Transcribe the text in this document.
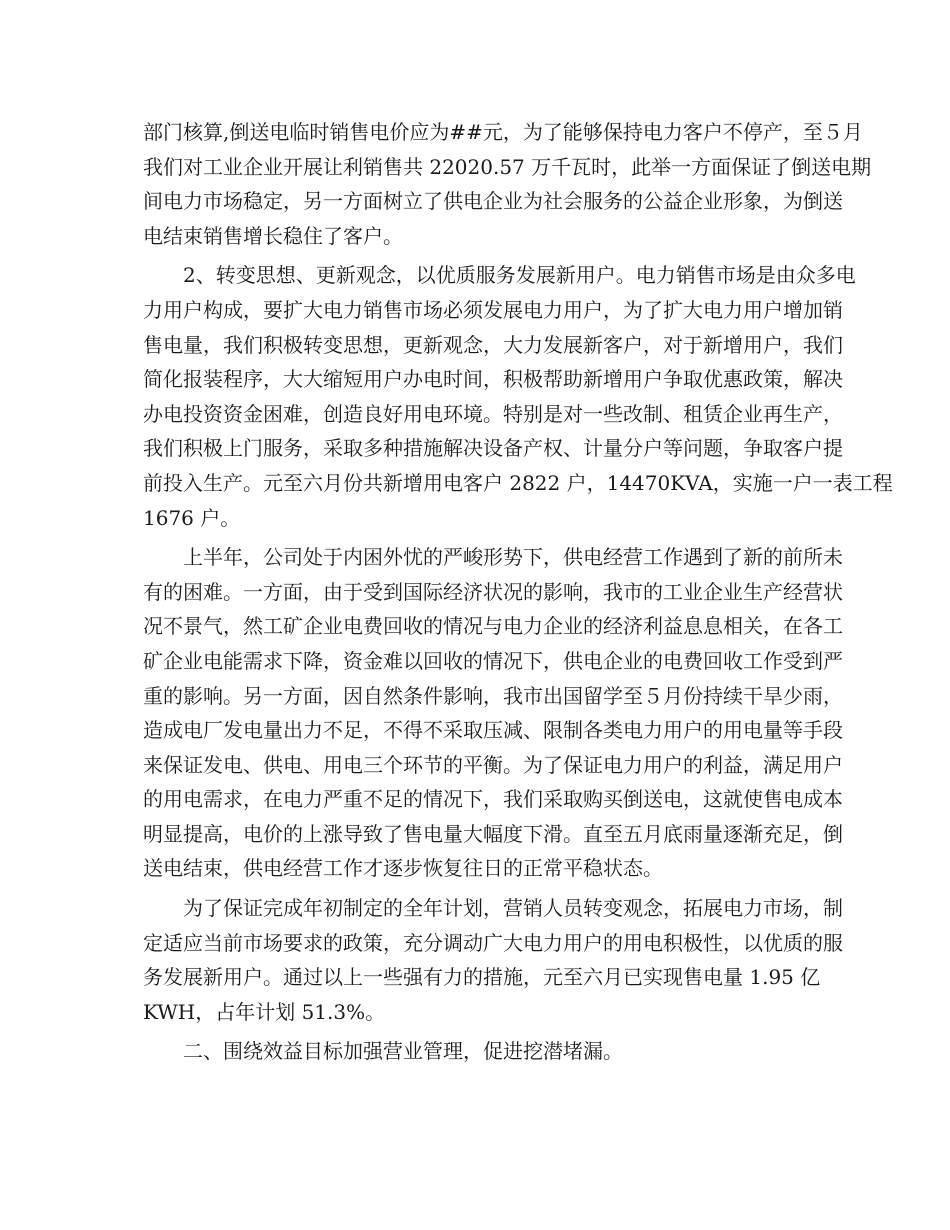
部门核算,倒送电临时销售电价应为##元，为了能够保持电力客户不停产，至５月
我们对工业企业开展让利销售共 22020.57 万千瓦时，此举一方面保证了倒送电期
间电力市场稳定，另一方面树立了供电企业为社会服务的公益企业形象，为倒送
电结束销售增长稳住了客户。
2、转变思想、更新观念，以优质服务发展新用户。电力销售市场是由众多电
力用户构成，要扩大电力销售市场必须发展电力用户，为了扩大电力用户增加销
售电量，我们积极转变思想，更新观念，大力发展新客户，对于新增用户，我们
简化报装程序，大大缩短用户办电时间，积极帮助新增用户争取优惠政策，解决
办电投资资金困难，创造良好用电环境。特别是对一些改制、租赁企业再生产，
我们积极上门服务，采取多种措施解决设备产权、计量分户等问题，争取客户提
前投入生产。元至六月份共新增用电客户 2822 户，14470KVA，实施一户一表工程
1676 户。
上半年，公司处于内困外忧的严峻形势下，供电经营工作遇到了新的前所未
有的困难。一方面，由于受到国际经济状况的影响，我市的工业企业生产经营状
况不景气，然工矿企业电费回收的情况与电力企业的经济利益息息相关，在各工
矿企业电能需求下降，资金难以回收的情况下，供电企业的电费回收工作受到严
重的影响。另一方面，因自然条件影响，我市出国留学至５月份持续干旱少雨，
造成电厂发电量出力不足，不得不采取压减、限制各类电力用户的用电量等手段
来保证发电、供电、用电三个环节的平衡。为了保证电力用户的利益，满足用户
的用电需求，在电力严重不足的情况下，我们采取购买倒送电，这就使售电成本
明显提高，电价的上涨导致了售电量大幅度下滑。直至五月底雨量逐渐充足，倒
送电结束，供电经营工作才逐步恢复往日的正常平稳状态。
为了保证完成年初制定的全年计划，营销人员转变观念，拓展电力市场，制
定适应当前市场要求的政策，充分调动广大电力用户的用电积极性，以优质的服
务发展新用户。通过以上一些强有力的措施，元至六月已实现售电量 1.95 亿
KWH，占年计划 51.3%。
二、围绕效益目标加强营业管理，促进挖潜堵漏。
